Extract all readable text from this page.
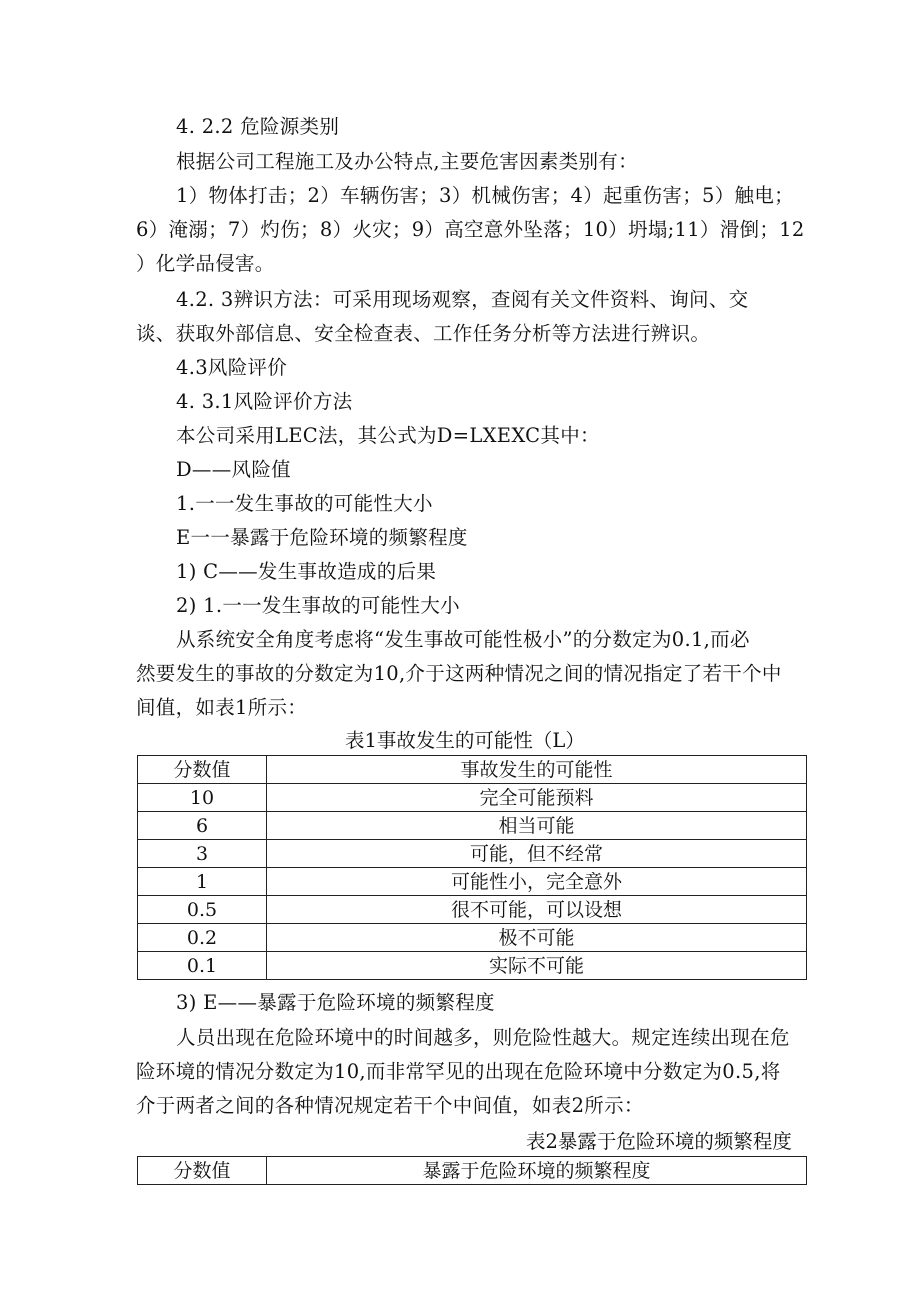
4. 2.2 危险源类别
根据公司工程施工及办公特点,主要危害因素类别有：
1）物体打击；2）车辆伤害；3）机械伤害；4）起重伤害；5）触电；
6）淹溺；7）灼伤；8）火灾；9）高空意外坠落；10）坍塌;11）滑倒；12
）化学品侵害。
4.2. 3辨识方法：可采用现场观察，查阅有关文件资料、询问、交
谈、获取外部信息、安全检查表、工作任务分析等方法进行辨识。
4.3风险评价
4. 3.1风险评价方法
本公司采用LEC法，其公式为D=LXEXC其中：
D——风险值
1.一一发生事故的可能性大小
E一一暴露于危险环境的频繁程度
1) C——发生事故造成的后果
2) 1.一一发生事故的可能性大小
从系统安全角度考虑将“发生事故可能性极小”的分数定为0.1,而必
然要发生的事故的分数定为10,介于这两种情况之间的情况指定了若干个中
间值，如表1所示：
表1事故发生的可能性（L）
分数值	事故发生的可能性
10	完全可能预料
6	相当可能
3	可能，但不经常
1	可能性小，完全意外
0.5	很不可能，可以设想
0.2	极不可能
0.1	实际不可能
3) E——暴露于危险环境的频繁程度
人员出现在危险环境中的时间越多，则危险性越大。规定连续出现在危
险环境的情况分数定为10,而非常罕见的出现在危险环境中分数定为0.5,将
介于两者之间的各种情况规定若干个中间值，如表2所示：
表2暴露于危险环境的频繁程度
分数值	暴露于危险环境的频繁程度
